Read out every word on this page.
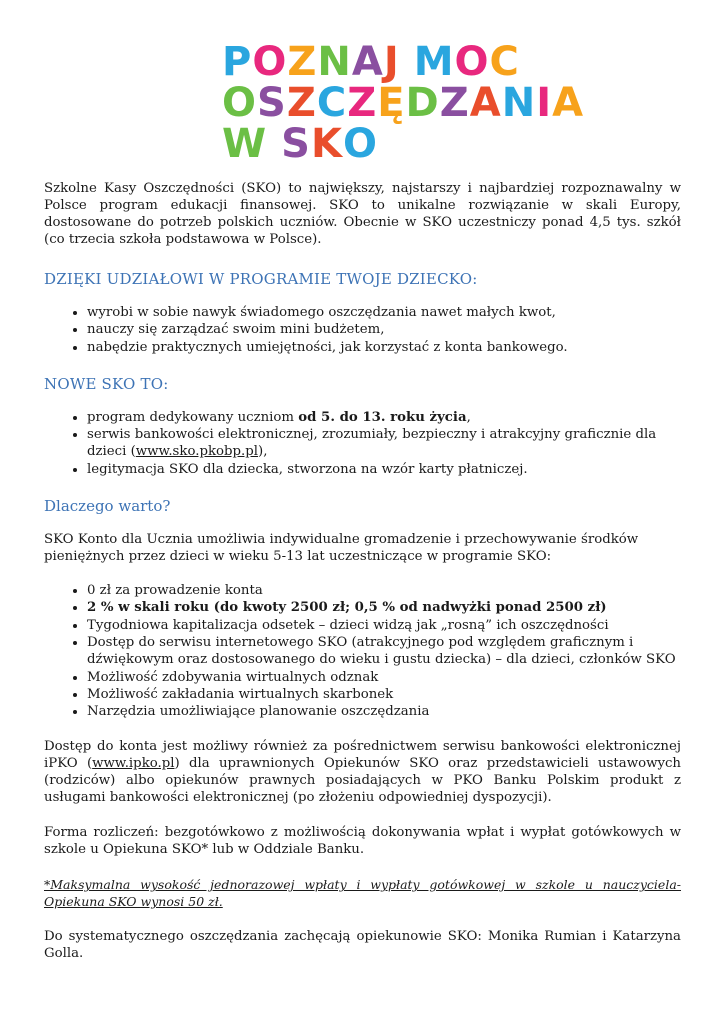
POZNAJ MOC
OSZCZĘDZANIA
W SKO

Szkolne Kasy Oszczędności (SKO) to największy, najstarszy i najbardziej rozpoznawalny w Polsce program edukacji finansowej. SKO to unikalne rozwiązanie w skali Europy, dostosowane do potrzeb polskich uczniów. Obecnie w SKO uczestniczy ponad 4,5 tys. szkół (co trzecia szkoła podstawowa w Polsce).

DZIĘKI UDZIAŁOWI W PROGRAMIE TWOJE DZIECKO:
• wyrobi w sobie nawyk świadomego oszczędzania nawet małych kwot,
• nauczy się zarządzać swoim mini budżetem,
• nabędzie praktycznych umiejętności, jak korzystać z konta bankowego.
NOWE SKO TO:
• program dedykowany uczniom od 5. do 13. roku życia,
• serwis bankowości elektronicznej, zrozumiały, bezpieczny i atrakcyjny graficznie dla dzieci (www.sko.pkobp.pl),
• legitymacja SKO dla dziecka, stworzona na wzór karty płatniczej.
Dlaczego warto?

SKO Konto dla Ucznia umożliwia indywidualne gromadzenie i przechowywanie środków pieniężnych przez dzieci w wieku 5-13 lat uczestniczące w programie SKO:

• 0 zł za prowadzenie konta
• 2 % w skali roku (do kwoty 2500 zł; 0,5 % od nadwyżki ponad 2500 zł)
• Tygodniowa kapitalizacja odsetek – dzieci widzą jak „rosną” ich oszczędności
• Dostęp do serwisu internetowego SKO (atrakcyjnego pod względem graficznym i dźwiękowym oraz dostosowanego do wieku i gustu dziecka) – dla dzieci, członków SKO
• Możliwość zdobywania wirtualnych odznak
• Możliwość zakładania wirtualnych skarbonek
• Narzędzia umożliwiające planowanie oszczędzania

Dostęp do konta jest możliwy również za pośrednictwem serwisu bankowości elektronicznej iPKO (www.ipko.pl) dla uprawnionych Opiekunów SKO oraz przedstawicieli ustawowych (rodziców) albo opiekunów prawnych posiadających w PKO Banku Polskim produkt z usługami bankowości elektronicznej (po złożeniu odpowiedniej dyspozycji).

Forma rozliczeń: bezgotówkowo z możliwością dokonywania wpłat i wypłat gotówkowych w szkole u Opiekuna SKO* lub w Oddziale Banku.

*Maksymalna wysokość jednorazowej wpłaty i wypłaty gotówkowej w szkole u nauczyciela-Opiekuna SKO wynosi 50 zł.

Do systematycznego oszczędzania zachęcają opiekunowie SKO: Monika Rumian i Katarzyna Golla.
